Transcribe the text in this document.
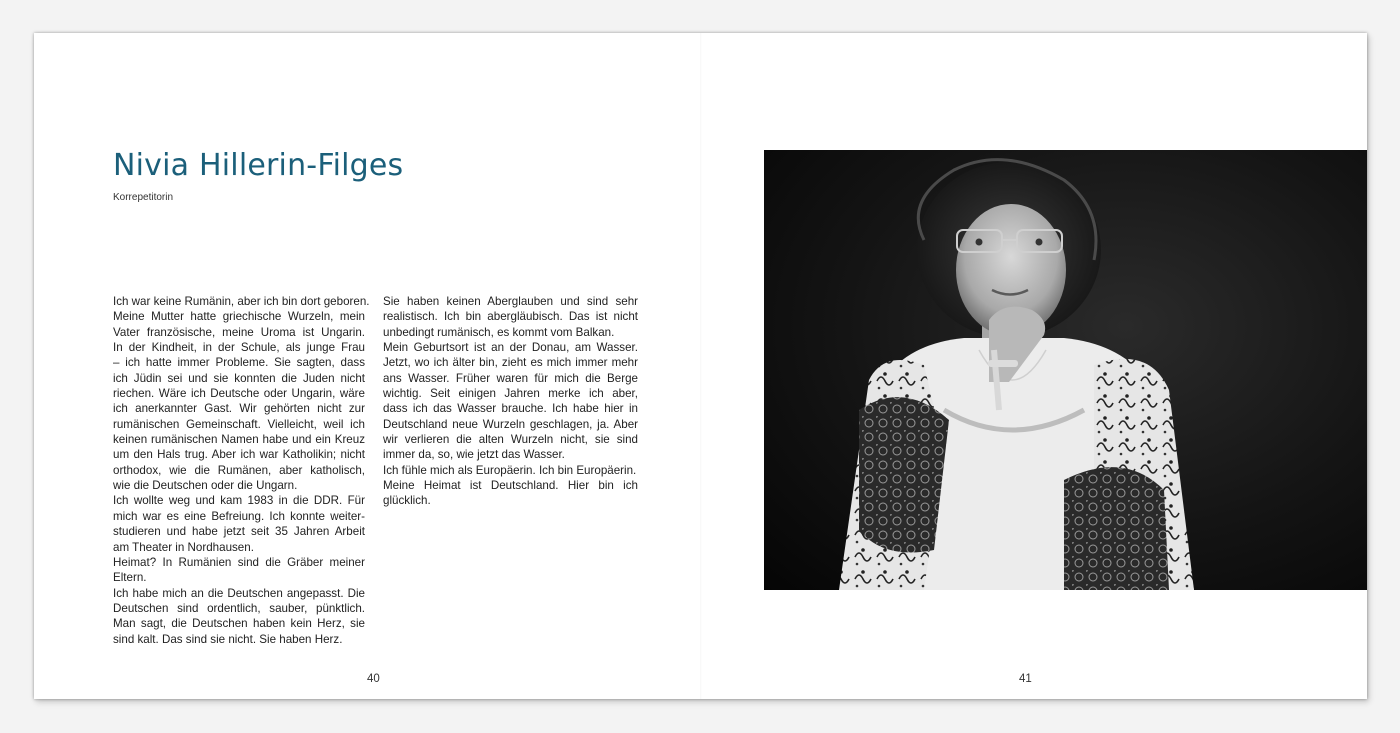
Nivia Hillerin-Filges
Korrepetitorin
Ich war keine Rumänin, aber ich bin dort geboren.
Meine Mutter hatte griechische Wurzeln, mein
Vater französische, meine Uroma ist Ungarin.
In der Kindheit, in der Schule, als junge Frau
– ich hatte immer Probleme. Sie sagten, dass
ich Jüdin sei und sie konnten die Juden nicht
riechen. Wäre ich Deutsche oder Ungarin, wäre
ich anerkannter Gast. Wir gehörten nicht zur
rumänischen Gemeinschaft. Vielleicht, weil ich
keinen rumänischen Namen habe und ein Kreuz
um den Hals trug. Aber ich war Katholikin; nicht
orthodox, wie die Rumänen, aber katholisch,
wie die Deutschen oder die Ungarn.
Ich wollte weg und kam 1983 in die DDR. Für
mich war es eine Befreiung. Ich konnte weiter-
studieren und habe jetzt seit 35 Jahren Arbeit
am Theater in Nordhausen.
Heimat? In Rumänien sind die Gräber meiner
Eltern.
Ich habe mich an die Deutschen angepasst. Die
Deutschen sind ordentlich, sauber, pünktlich.
Man sagt, die Deutschen haben kein Herz, sie
sind kalt. Das sind sie nicht. Sie haben Herz.
Sie haben keinen Aberglauben und sind sehr
realistisch. Ich bin abergläubisch. Das ist nicht
unbedingt rumänisch, es kommt vom Balkan.
Mein Geburtsort ist an der Donau, am Wasser.
Jetzt, wo ich älter bin, zieht es mich immer mehr
ans Wasser. Früher waren für mich die Berge
wichtig. Seit einigen Jahren merke ich aber,
dass ich das Wasser brauche. Ich habe hier in
Deutschland neue Wurzeln geschlagen, ja. Aber
wir verlieren die alten Wurzeln nicht, sie sind
immer da, so, wie jetzt das Wasser.
Ich fühle mich als Europäerin. Ich bin Europäerin.
Meine Heimat ist Deutschland. Hier bin ich
glücklich.
40	41
